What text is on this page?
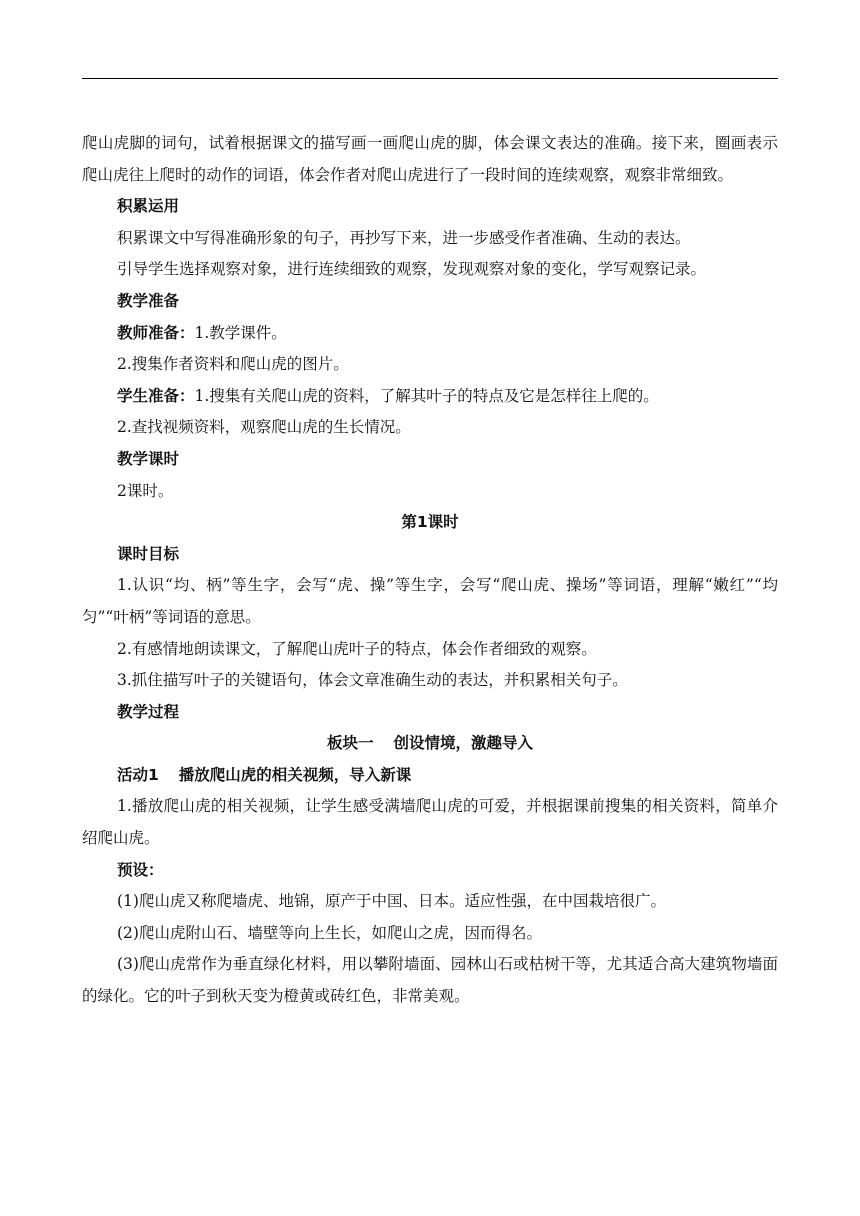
爬山虎脚的词句，试着根据课文的描写画一画爬山虎的脚，体会课文表达的准确。接下来，圈画表示爬山虎往上爬时的动作的词语，体会作者对爬山虎进行了一段时间的连续观察，观察非常细致。

积累运用

积累课文中写得准确形象的句子，再抄写下来，进一步感受作者准确、生动的表达。

引导学生选择观察对象，进行连续细致的观察，发现观察对象的变化，学写观察记录。

教学准备

教师准备：1.教学课件。

2.搜集作者资料和爬山虎的图片。

学生准备：1.搜集有关爬山虎的资料，了解其叶子的特点及它是怎样往上爬的。

2.查找视频资料，观察爬山虎的生长情况。

教学课时

2课时。

第1课时

课时目标

1.认识“均、柄”等生字，会写“虎、操”等生字，会写“爬山虎、操场”等词语，理解“嫩红”“均匀”“叶柄”等词语的意思。

2.有感情地朗读课文，了解爬山虎叶子的特点，体会作者细致的观察。

3.抓住描写叶子的关键语句，体会文章准确生动的表达，并积累相关句子。

教学过程

板块一 创设情境，激趣导入

活动1 播放爬山虎的相关视频，导入新课

1.播放爬山虎的相关视频，让学生感受满墙爬山虎的可爱，并根据课前搜集的相关资料，简单介绍爬山虎。

预设：

(1)爬山虎又称爬墙虎、地锦，原产于中国、日本。适应性强，在中国栽培很广。

(2)爬山虎附山石、墙壁等向上生长，如爬山之虎，因而得名。

(3)爬山虎常作为垂直绿化材料，用以攀附墙面、园林山石或枯树干等，尤其适合高大建筑物墙面的绿化。它的叶子到秋天变为橙黄或砖红色，非常美观。
